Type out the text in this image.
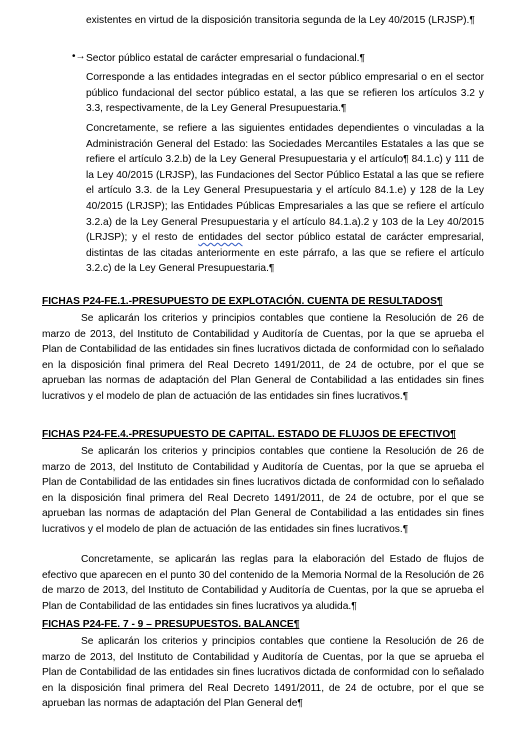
existentes en virtud de la disposición transitoria segunda de la Ley 40/2015 (LRJSP).¶

•→ Sector público estatal de carácter empresarial o fundacional.¶

Corresponde a las entidades integradas en el sector público empresarial o en el sector público fundacional del sector público estatal, a las que se refieren los artículos 3.2 y 3.3, respectivamente, de la Ley General Presupuestaria.¶

Concretamente, se refiere a las siguientes entidades dependientes o vinculadas a la Administración General del Estado: las Sociedades Mercantiles Estatales a las que se refiere el artículo 3.2.b) de la Ley General Presupuestaria y el artículo¶ 84.1.c) y 111 de la Ley 40/2015 (LRJSP), las Fundaciones del Sector Público Estatal a las que se refiere el artículo 3.3. de la Ley General Presupuestaria y el artículo 84.1.e) y 128 de la Ley 40/2015 (LRJSP); las Entidades Públicas Empresariales a las que se refiere el artículo 3.2.a) de la Ley General Presupuestaria y el artículo 84.1.a).2 y 103 de la Ley 40/2015 (LRJSP); y el resto de entidades del sector público estatal de carácter empresarial, distintas de las citadas anteriormente en este párrafo, a las que se refiere el artículo 3.2.c) de la Ley General Presupuestaria.¶

FICHAS P24-FE.1.-PRESUPUESTO DE EXPLOTACIÓN. CUENTA DE RESULTADOS¶

Se aplicarán los criterios y principios contables que contiene la Resolución de 26 de marzo de 2013, del Instituto de Contabilidad y Auditoría de Cuentas, por la que se aprueba el Plan de Contabilidad de las entidades sin fines lucrativos dictada de conformidad con lo señalado en la disposición final primera del Real Decreto 1491/2011, de 24 de octubre, por el que se aprueban las normas de adaptación del Plan General de Contabilidad a las entidades sin fines lucrativos y el modelo de plan de actuación de las entidades sin fines lucrativos.¶

FICHAS P24-FE.4.-PRESUPUESTO DE CAPITAL. ESTADO DE FLUJOS DE EFECTIVO¶

Se aplicarán los criterios y principios contables que contiene la Resolución de 26 de marzo de 2013, del Instituto de Contabilidad y Auditoría de Cuentas, por la que se aprueba el Plan de Contabilidad de las entidades sin fines lucrativos dictada de conformidad con lo señalado en la disposición final primera del Real Decreto 1491/2011, de 24 de octubre, por el que se aprueban las normas de adaptación del Plan General de Contabilidad a las entidades sin fines lucrativos y el modelo de plan de actuación de las entidades sin fines lucrativos.¶

Concretamente, se aplicarán las reglas para la elaboración del Estado de flujos de efectivo que aparecen en el punto 30 del contenido de la Memoria Normal de la Resolución de 26 de marzo de 2013, del Instituto de Contabilidad y Auditoría de Cuentas, por la que se aprueba el Plan de Contabilidad de las entidades sin fines lucrativos ya aludida.¶

FICHAS P24-FE. 7 - 9 – PRESUPUESTOS. BALANCE¶

Se aplicarán los criterios y principios contables que contiene la Resolución de 26 de marzo de 2013, del Instituto de Contabilidad y Auditoría de Cuentas, por la que se aprueba el Plan de Contabilidad de las entidades sin fines lucrativos dictada de conformidad con lo señalado en la disposición final primera del Real Decreto 1491/2011, de 24 de octubre, por el que se aprueban las normas de adaptación del Plan General de¶
